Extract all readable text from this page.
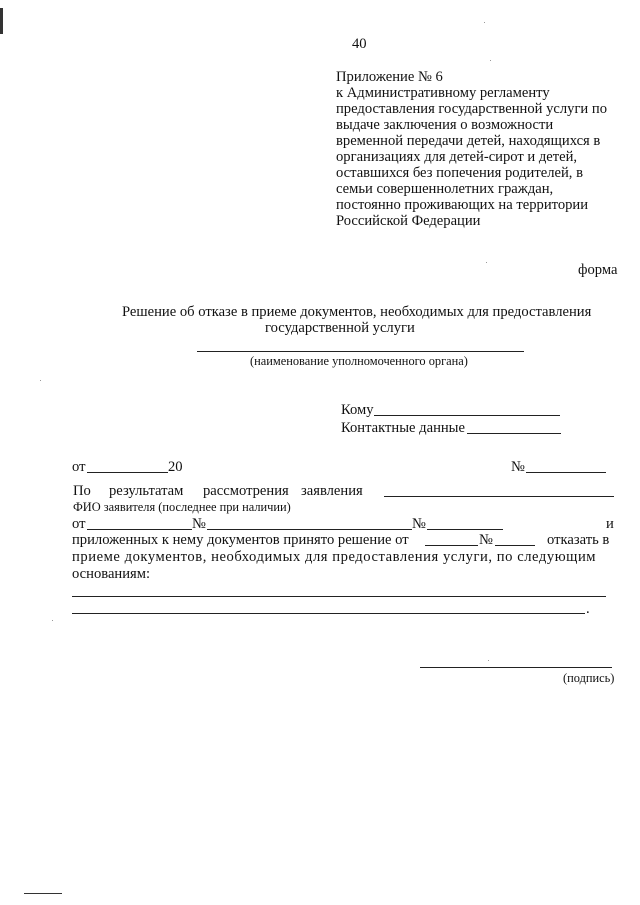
40
Приложение № 6
к Административному регламенту
предоставления государственной услуги по
выдаче заключения о возможности
временной передачи детей, находящихся в
организациях для детей-сирот и детей,
оставшихся без попечения родителей, в
семьи совершеннолетних граждан,
постоянно проживающих на территории
Российской Федерации
форма
Решение об отказе в приеме документов, необходимых для предоставления
государственной услуги
(наименование уполномоченного органа)
Кому
Контактные данные
от	20	№
По результатам рассмотрения заявления
ФИО заявителя (последнее при наличии)
от	№	№	и
приложенных к нему документов принято решение от	№	отказать в
приеме документов, необходимых для предоставления услуги, по следующим
основаниям:
.
(подпись)
